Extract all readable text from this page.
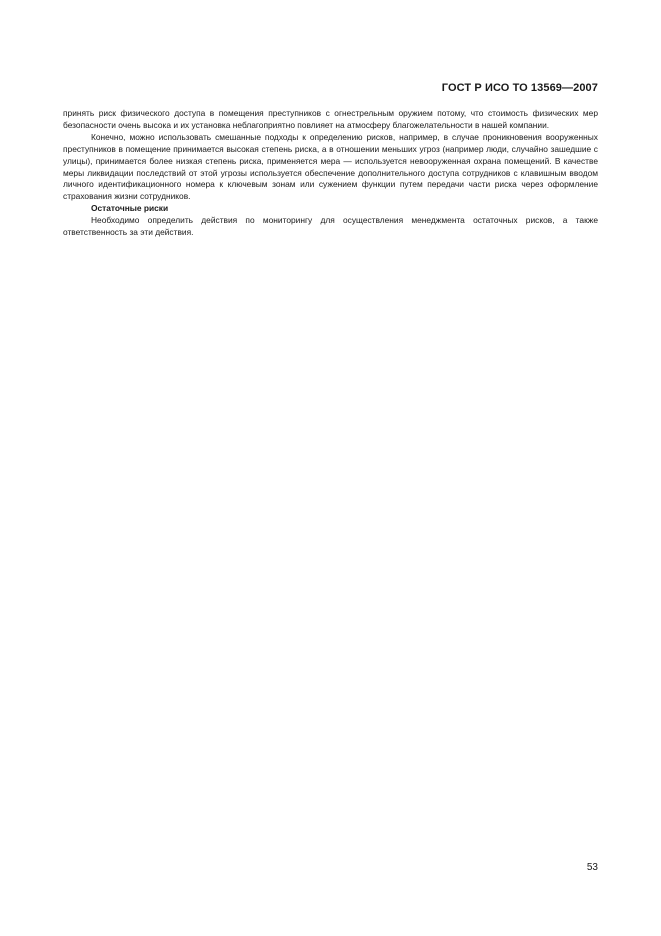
ГОСТ Р ИСО ТО 13569—2007

принять риск физического доступа в помещения преступников с огнестрельным оружием потому, что стоимость физических мер безопасности очень высока и их установка неблагоприятно повлияет на атмосферу благожелательности в нашей компании.

Конечно, можно использовать смешанные подходы к определению рисков, например, в случае проникновения вооруженных преступников в помещение принимается высокая степень риска, а в отношении меньших угроз (например люди, случайно зашедшие с улицы), принимается более низкая степень риска, применяется мера — используется невооруженная охрана помещений. В качестве меры ликвидации последствий от этой угрозы используется обеспечение дополнительного доступа сотрудников с клавишным вводом личного идентификационного номера к ключевым зонам или сужением функции путем передачи части риска через оформление страхования жизни сотрудников.

Остаточные риски

Необходимо определить действия по мониторингу для осуществления менеджмента остаточных рисков, а также ответственность за эти действия.

53
